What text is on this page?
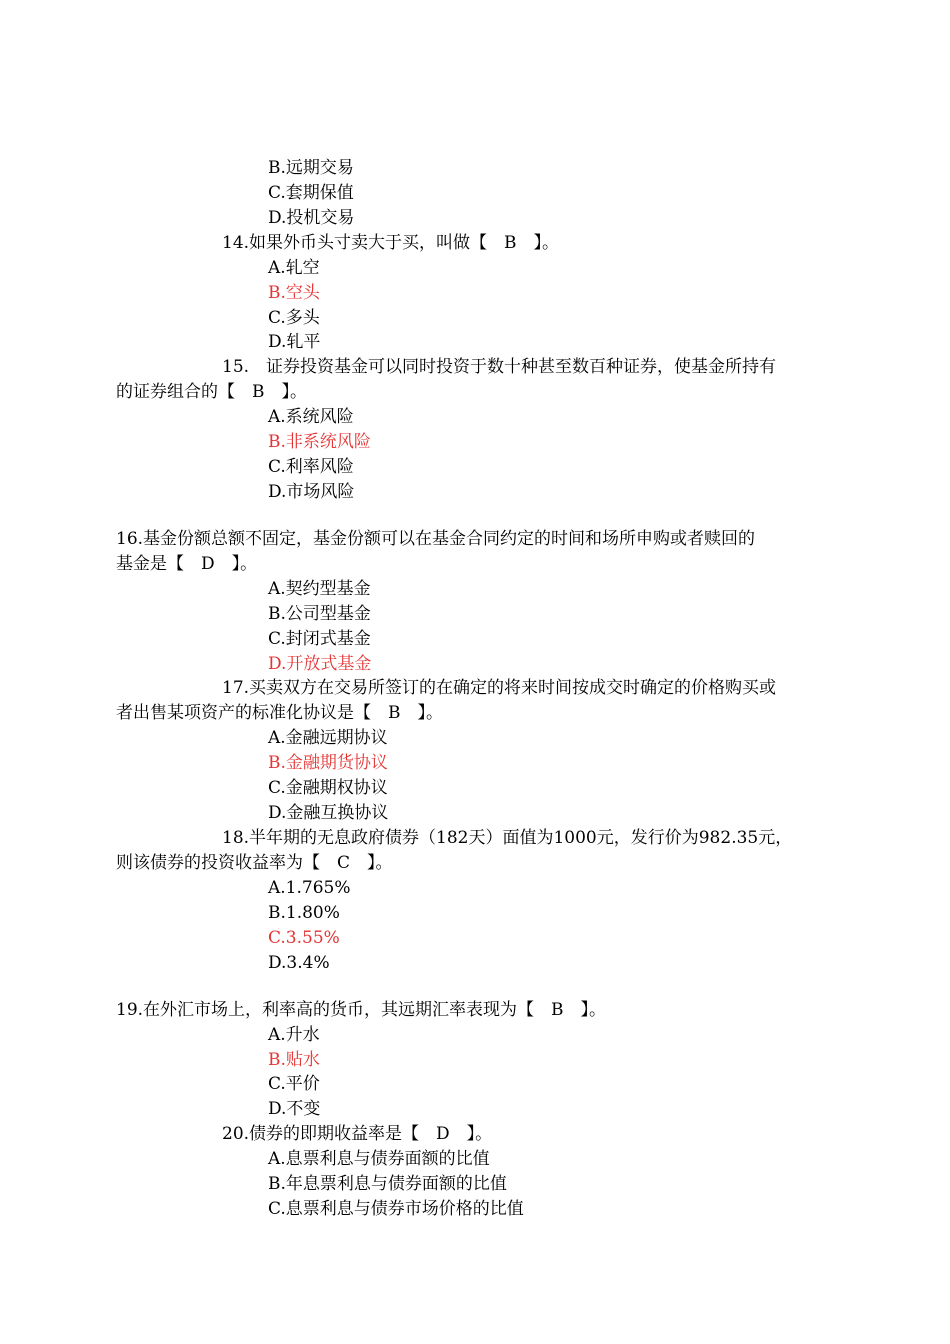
B.远期交易

C.套期保值

D.投机交易

14.如果外币头寸卖大于买，叫做【　B　】。

A.轧空

B.空头

C.多头

D.轧平

15.　证券投资基金可以同时投资于数十种甚至数百种证券，使基金所持有

的证券组合的【　B　】。

A.系统风险

B.非系统风险

C.利率风险

D.市场风险

16.基金份额总额不固定，基金份额可以在基金合同约定的时间和场所申购或者赎回的

基金是【　D　】。

A.契约型基金

B.公司型基金

C.封闭式基金

D.开放式基金

17.买卖双方在交易所签订的在确定的将来时间按成交时确定的价格购买或

者出售某项资产的标准化协议是【　B　】。

A.金融远期协议

B.金融期货协议

C.金融期权协议

D.金融互换协议

18.半年期的无息政府债券（182天）面值为1000元，发行价为982.35元，

则该债券的投资收益率为【　C　】。

A.1.765%

B.1.80%

C.3.55%

D.3.4%

19.在外汇市场上，利率高的货币，其远期汇率表现为【　B　】。

A.升水

B.贴水

C.平价

D.不变

20.债券的即期收益率是【　D　】。

A.息票利息与债券面额的比值

B.年息票利息与债券面额的比值

C.息票利息与债券市场价格的比值
